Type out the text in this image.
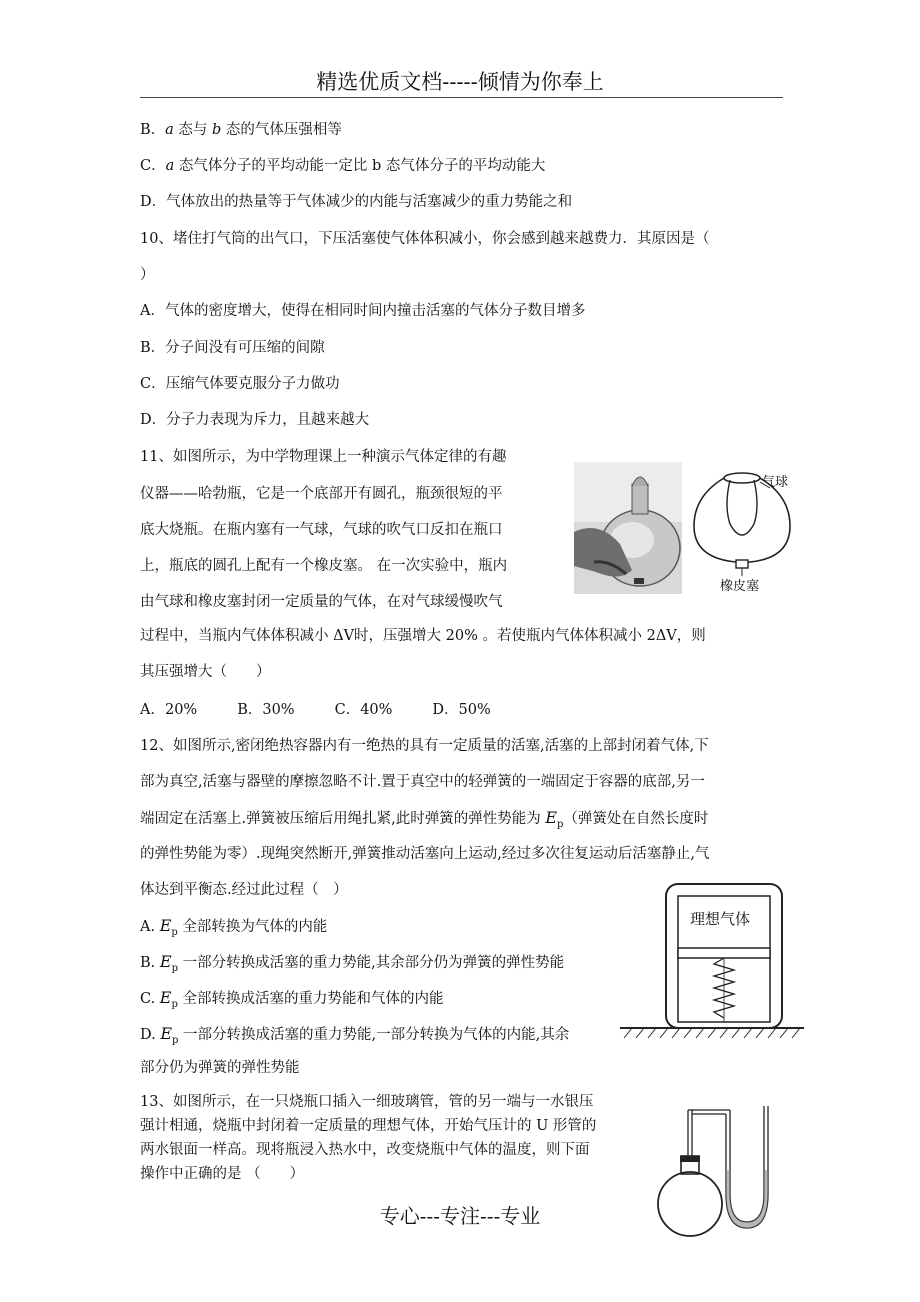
精选优质文档-----倾情为你奉上
B．a 态与 b 态的气体压强相等
C．a 态气体分子的平均动能一定比 b 态气体分子的平均动能大
D．气体放出的热量等于气体减少的内能与活塞减少的重力势能之和
10、堵住打气筒的出气口，下压活塞使气体体积减小，你会感到越来越费力．其原因是（
）
A．气体的密度增大，使得在相同时间内撞击活塞的气体分子数目增多
B．分子间没有可压缩的间隙
C．压缩气体要克服分子力做功
D．分子力表现为斥力，且越来越大
11、如图所示，为中学物理课上一种演示气体定律的有趣
仪器——哈勃瓶，它是一个底部开有圆孔，瓶颈很短的平
底大烧瓶。在瓶内塞有一气球，气球的吹气口反扣在瓶口
上，瓶底的圆孔上配有一个橡皮塞。 在一次实验中，瓶内
由气球和橡皮塞封闭一定质量的气体，在对气球缓慢吹气
过程中，当瓶内气体体积减小 ΔV时，压强增大 20% 。若使瓶内气体体积减小 2ΔV，则
其压强增大（　　）
A．20%	B．30%	C．40%	D．50%
气球
橡皮塞
12、如图所示,密闭绝热容器内有一绝热的具有一定质量的活塞,活塞的上部封闭着气体,下
部为真空,活塞与器壁的摩擦忽略不计.置于真空中的轻弹簧的一端固定于容器的底部,另一
端固定在活塞上.弹簧被压缩后用绳扎紧,此时弹簧的弹性势能为 $E_p$（弹簧处在自然长度时
的弹性势能为零）.现绳突然断开,弹簧推动活塞向上运动,经过多次往复运动后活塞静止,气
体达到平衡态.经过此过程（　）
A. $E_p$ 全部转换为气体的内能
B. $E_p$ 一部分转换成活塞的重力势能,其余部分仍为弹簧的弹性势能
C. $E_p$ 全部转换成活塞的重力势能和气体的内能
D. $E_p$ 一部分转换成活塞的重力势能,一部分转换为气体的内能,其余
部分仍为弹簧的弹性势能
理想气体
13、如图所示，在一只烧瓶口插入一细玻璃管，管的另一端与一水银压
强计相通，烧瓶中封闭着一定质量的理想气体，开始气压计的 U 形管的
两水银面一样高。现将瓶浸入热水中，改变烧瓶中气体的温度，则下面
操作中正确的是 （　　）
专心---专注---专业
